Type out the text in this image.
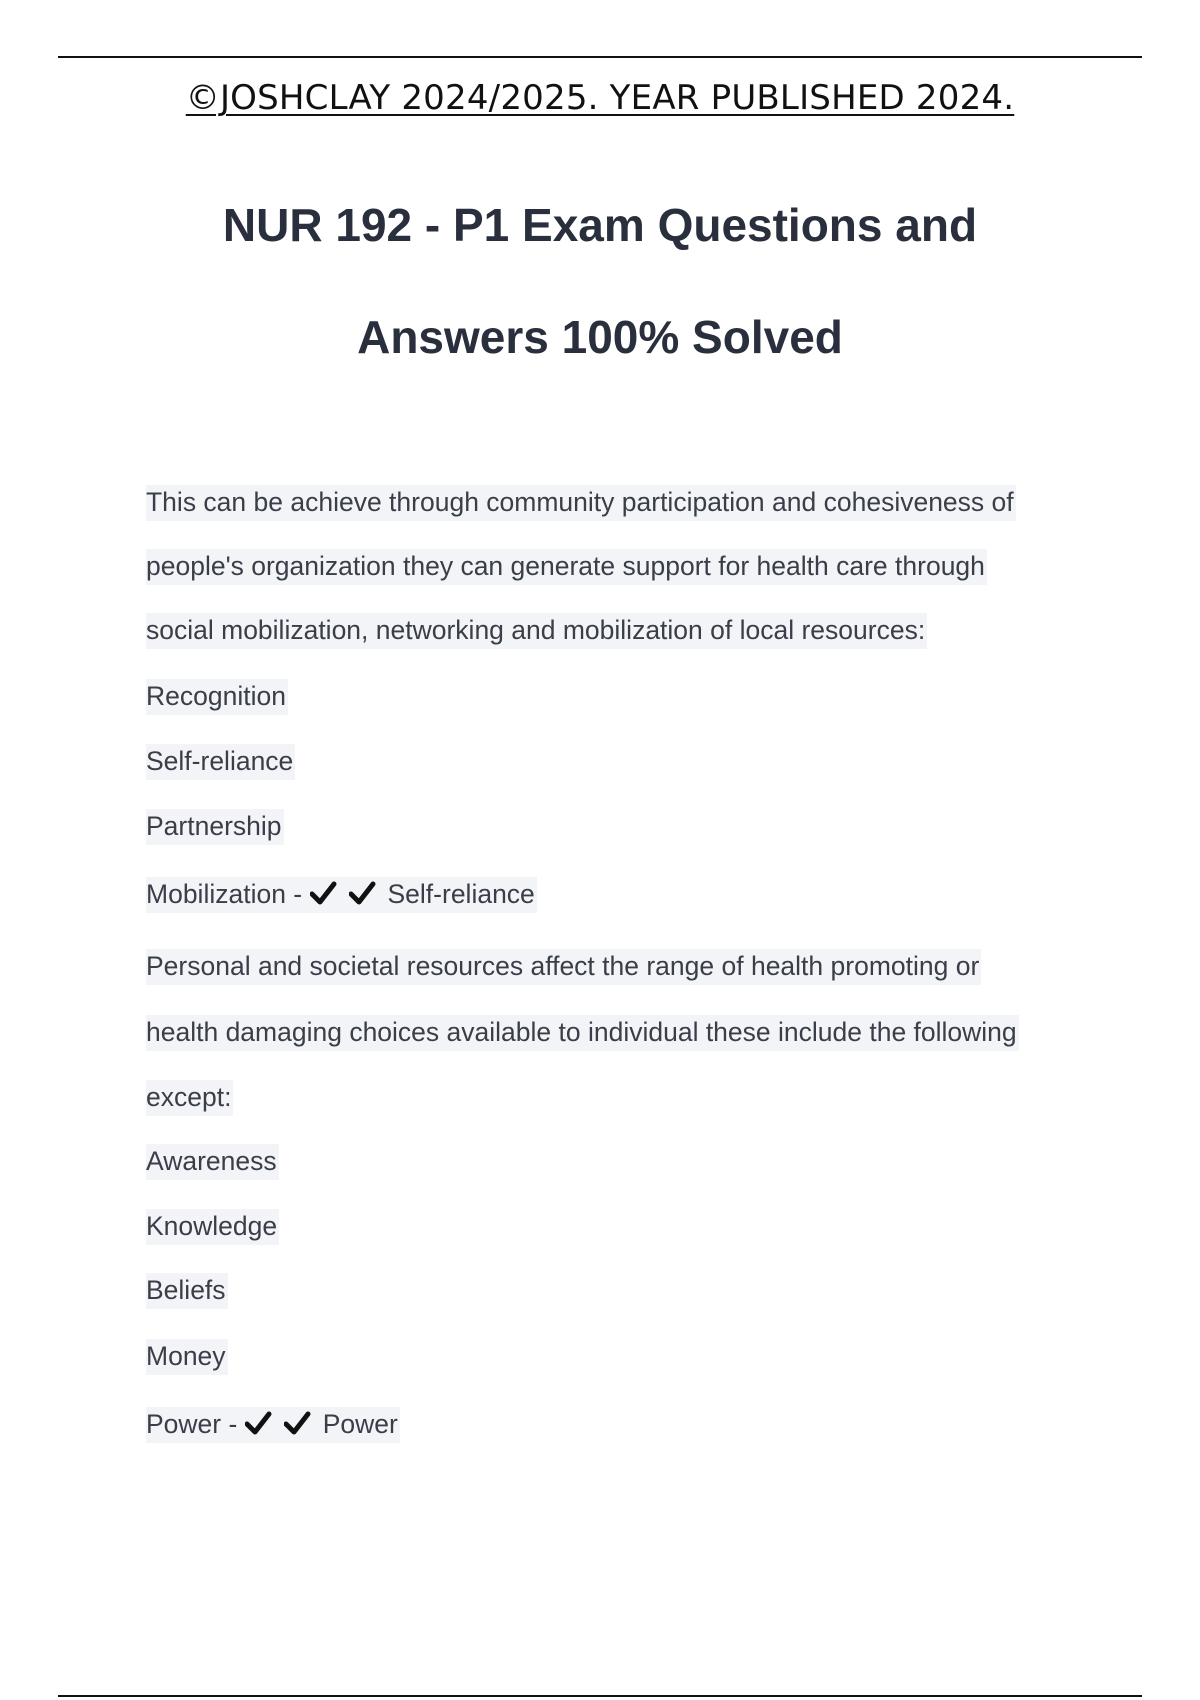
©JOSHCLAY 2024/2025. YEAR PUBLISHED 2024.
NUR 192 - P1 Exam Questions and
Answers 100% Solved
This can be achieve through community participation and cohesiveness of
people's organization they can generate support for health care through
social mobilization, networking and mobilization of local resources:
Recognition
Self-reliance
Partnership
Mobilization -	Self-reliance
Personal and societal resources affect the range of health promoting or
health damaging choices available to individual these include the following
except:
Awareness
Knowledge
Beliefs
Money
Power -	Power
